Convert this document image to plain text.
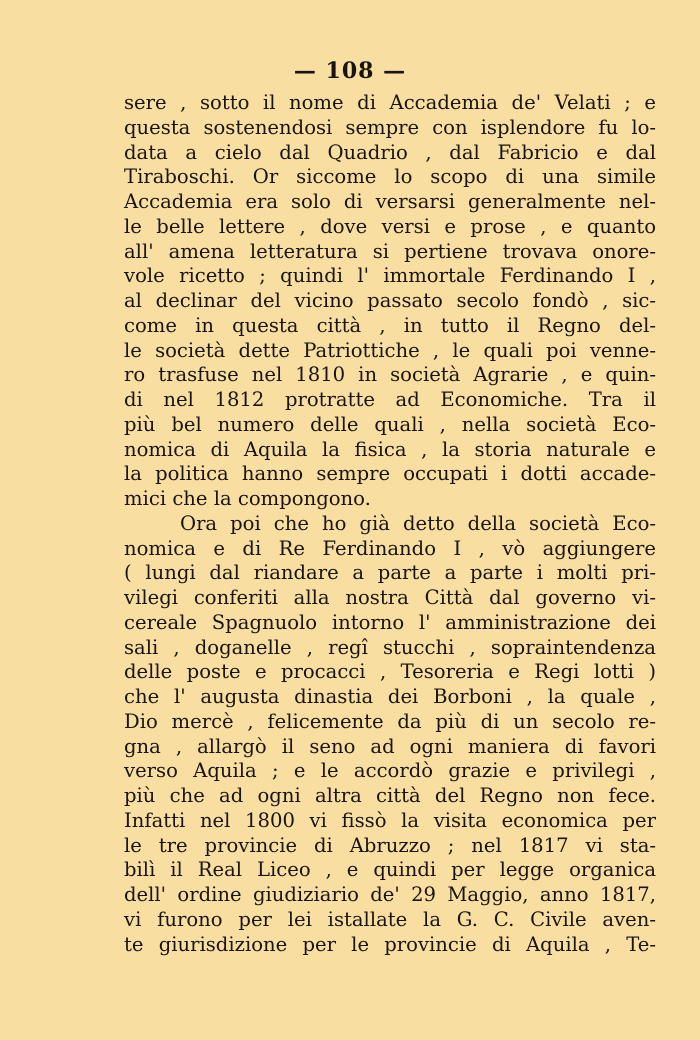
— 108 —
sere , sotto il nome di Accademia de' Velati ; e
questa sostenendosi sempre con isplendore fu lo-
data a cielo dal Quadrio , dal Fabricio e dal
Tiraboschi. Or siccome lo scopo di una simile
Accademia era solo di versarsi generalmente nel-
le belle lettere , dove versi e prose , e quanto
all' amena letteratura si pertiene trovava onore-
vole ricetto ; quindi l' immortale Ferdinando I ,
al declinar del vicino passato secolo fondò , sic-
come in questa città , in tutto il Regno del-
le società dette Patriottiche , le quali poi venne-
ro trasfuse nel 1810 in società Agrarie , e quin-
di nel 1812 protratte ad Economiche. Tra il
più bel numero delle quali , nella società Eco-
nomica di Aquila la fisica , la storia naturale e
la politica hanno sempre occupati i dotti accade-
mici che la compongono.
Ora poi che ho già detto della società Eco-
nomica e di Re Ferdinando I , vò aggiungere
( lungi dal riandare a parte a parte i molti pri-
vilegi conferiti alla nostra Città dal governo vi-
cereale Spagnuolo intorno l' amministrazione dei
sali , doganelle , regî stucchi , sopraintendenza
delle poste e procacci , Tesoreria e Regi lotti )
che l' augusta dinastia dei Borboni , la quale ,
Dio mercè , felicemente da più di un secolo re-
gna , allargò il seno ad ogni maniera di favori
verso Aquila ; e le accordò grazie e privilegi ,
più che ad ogni altra città del Regno non fece.
Infatti nel 1800 vi fissò la visita economica per
le tre provincie di Abruzzo ; nel 1817 vi sta-
bilì il Real Liceo , e quindi per legge organica
dell' ordine giudiziario de' 29 Maggio, anno 1817,
vi furono per lei istallate la G. C. Civile aven-
te giurisdizione per le provincie di Aquila , Te-
